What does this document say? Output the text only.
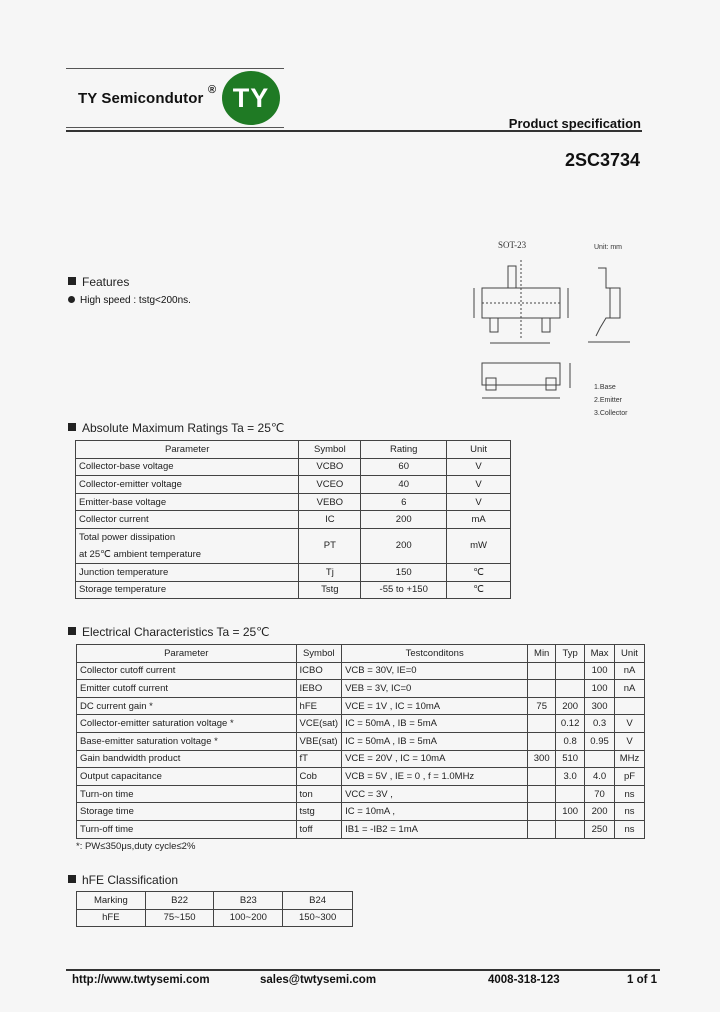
TY Semicondutor ® TY
Product specification
2SC3734
SOT-23	Unit: mm
1.Base
2.Emitter
3.Collector
Features
High speed : tstg<200ns.
Absolute Maximum Ratings Ta = 25℃
Parameter	Symbol	Rating	Unit
Collector-base voltage	VCBO	60	V
Collector-emitter voltage	VCEO	40	V
Emitter-base voltage	VEBO	6	V
Collector current	IC	200	mA

Total power dissipation
at 25℃ ambient temperature	PT	200	mW
Junction temperature	Tj	150	℃
Storage temperature	Tstg	-55 to +150	℃
Electrical Characteristics Ta = 25℃
Parameter	Symbol	Testconditons	Min	Typ	Max	Unit
Collector cutoff current	ICBO	VCB = 30V, IE=0			100	nA
Emitter cutoff current	IEBO	VEB = 3V, IC=0			100	nA
DC current gain *	hFE	VCE = 1V , IC = 10mA	75	200	300	
Collector-emitter saturation voltage *	VCE(sat)	IC = 50mA , IB = 5mA		0.12	0.3	V
Base-emitter saturation voltage *	VBE(sat)	IC = 50mA , IB = 5mA		0.8	0.95	V
Gain bandwidth product	fT	VCE = 20V , IC = 10mA	300	510		MHz
Output capacitance	Cob	VCB = 5V , IE = 0 , f = 1.0MHz		3.0	4.0	pF
Turn-on time	ton	VCC = 3V ,			70	ns
Storage time	tstg	IC = 10mA ,		100	200	ns
Turn-off time	toff	IB1 = -IB2 = 1mA			250	ns
*: PW≤350μs,duty cycle≤2%
hFE Classification
Marking	B22	B23	B24
hFE	75~150	100~200	150~300
http://www.twtysemi.com	sales@twtysemi.com	4008-318-123	1 of 1
